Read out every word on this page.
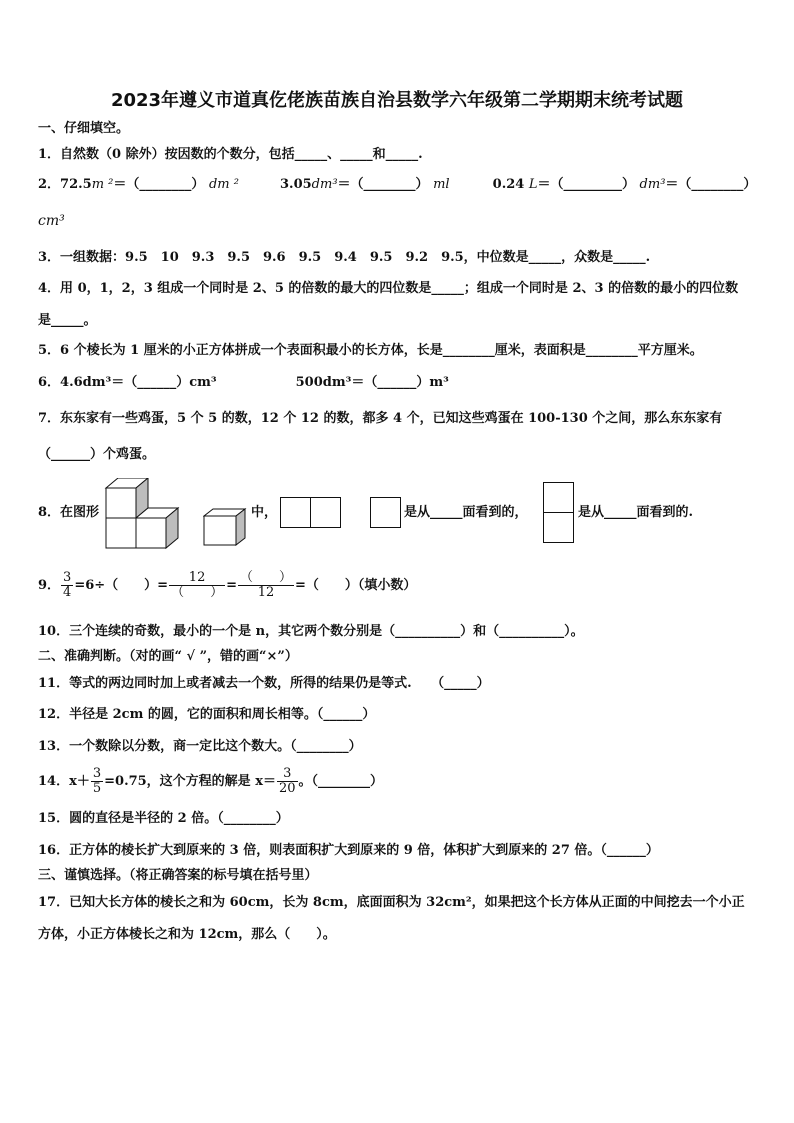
2023年遵义市道真仡佬族苗族自治县数学六年级第二学期期末统考试题
一、仔细填空。
1．自然数（0 除外）按因数的个数分，包括_____、_____和_____.
2．72.5m ²＝（________） dm ²	3.05dm³＝（________） ml	0.24 L＝（_________） dm³＝（________）
cm³
3．一组数据：9.5　10　9.3　9.5　9.6　9.5　9.4　9.5　9.2　9.5，中位数是_____，众数是_____.
4．用 0，1，2，3 组成一个同时是 2、5 的倍数的最大的四位数是_____；组成一个同时是 2、3 的倍数的最小的四位数
是_____。
5．6 个棱长为 1 厘米的小正方体拼成一个表面积最小的长方体，长是________厘米，表面积是________平方厘米。
6．4.6dm³＝（______）cm³	500dm³＝（______）m³
7．东东家有一些鸡蛋，5 个 5 的数，12 个 12 的数，都多 4 个，已知这些鸡蛋在 100-130 个之间，那么东东家有
（______）个鸡蛋。
8．在图形	中，	是从_____面看到的，	是从_____面看到的.
9． $\frac{3}{4} =6\div$（　　）= $\frac{12}{( )} = \frac{( )}{12}$ =（　　）（填小数）
10．三个连续的奇数，最小的一个是 n，其它两个数分别是（__________）和（__________）。
二、准确判断。（对的画“ √ ”，错的画“×”）
11．等式的两边同时加上或者减去一个数，所得的结果仍是等式.　　（_____）
12．半径是 2cm 的圆，它的面积和周长相等。（______）
13．一个数除以分数，商一定比这个数大。（________）
14．$x+ \frac{3}{5} =0.75$，这个方程的解是 $x= \frac{3}{20}$ 。（________）
15．圆的直径是半径的 2 倍。（________）
16．正方体的棱长扩大到原来的 3 倍，则表面积扩大到原来的 9 倍，体积扩大到原来的 27 倍。（______）
三、谨慎选择。（将正确答案的标号填在括号里）
17．已知大长方体的棱长之和为 60cm，长为 8cm，底面面积为 32cm²，如果把这个长方体从正面的中间挖去一个小正
方体，小正方体棱长之和为 12cm，那么（　　）。
